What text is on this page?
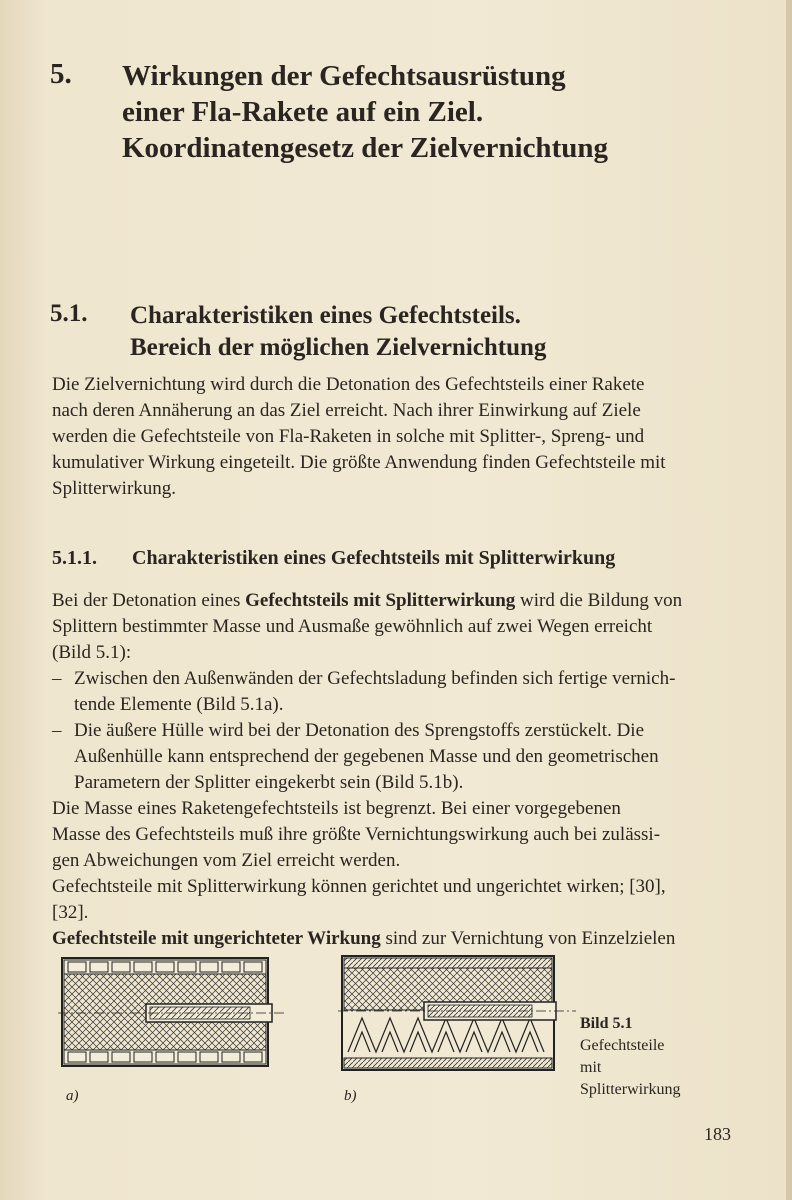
5. Wirkungen der Gefechtsausrüstung
einer Fla-Rakete auf ein Ziel.
Koordinatengesetz der Zielvernichtung
5.1. Charakteristiken eines Gefechtsteils.
Bereich der möglichen Zielvernichtung
Die Zielvernichtung wird durch die Detonation des Gefechtsteils einer Rakete
nach deren Annäherung an das Ziel erreicht. Nach ihrer Einwirkung auf Ziele
werden die Gefechtsteile von Fla-Raketen in solche mit Splitter-, Spreng- und
kumulativer Wirkung eingeteilt. Die größte Anwendung finden Gefechtsteile mit
Splitterwirkung.
5.1.1. Charakteristiken eines Gefechtsteils mit Splitterwirkung
Bei der Detonation eines Gefechtsteils mit Splitterwirkung wird die Bildung von
Splittern bestimmter Masse und Ausmaße gewöhnlich auf zwei Wegen erreicht
(Bild 5.1):
– Zwischen den Außenwänden der Gefechtsladung befinden sich fertige vernich-
tende Elemente (Bild 5.1a).
– Die äußere Hülle wird bei der Detonation des Sprengstoffs zerstückelt. Die
Außenhülle kann entsprechend der gegebenen Masse und den geometrischen
Parametern der Splitter eingekerbt sein (Bild 5.1b).
Die Masse eines Raketengefechtsteils ist begrenzt. Bei einer vorgegebenen
Masse des Gefechtsteils muß ihre größte Vernichtungswirkung auch bei zulässi-
gen Abweichungen vom Ziel erreicht werden.
Gefechtsteile mit Splitterwirkung können gerichtet und ungerichtet wirken; [30],
[32].
Gefechtsteile mit ungerichteter Wirkung sind zur Vernichtung von Einzelzielen
a)	b)
Bild 5.1
Gefechtsteile
mit
Splitterwirkung
183
